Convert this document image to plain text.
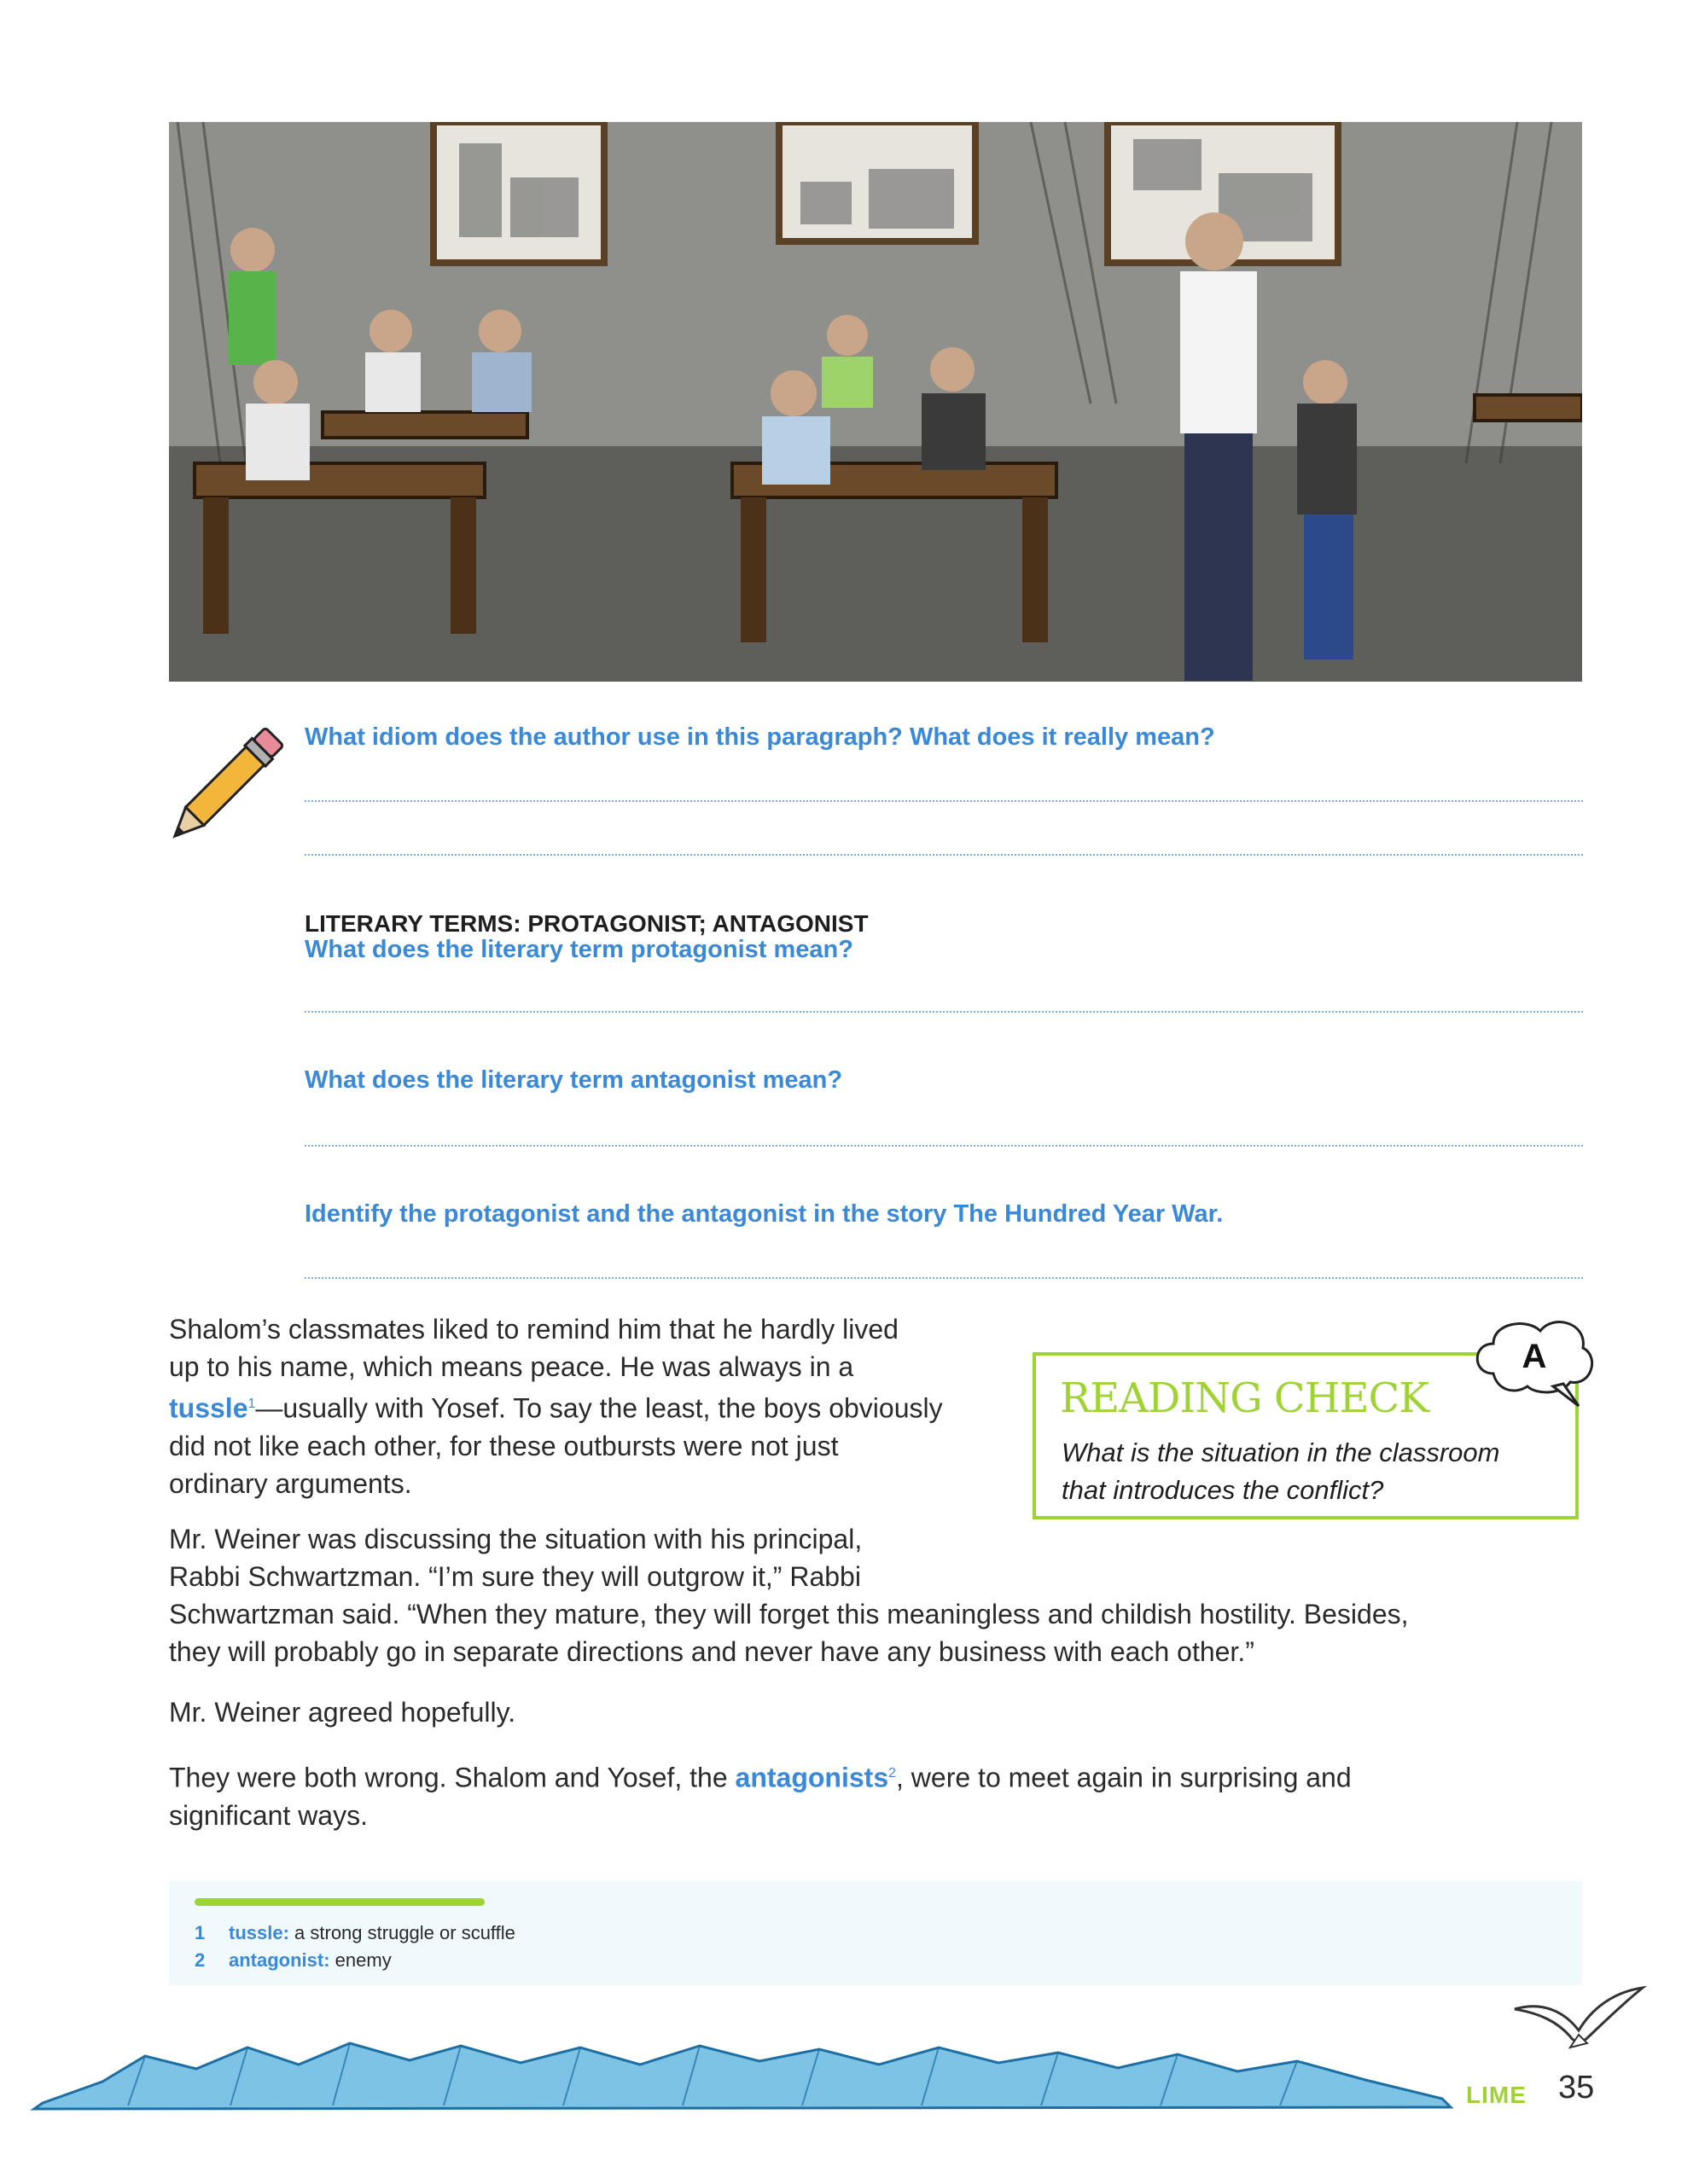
What idiom does the author use in this paragraph? What does it really mean?
LITERARY TERMS: PROTAGONIST; ANTAGONIST
What does the literary term protagonist mean?
What does the literary term antagonist mean?
Identify the protagonist and the antagonist in the story The Hundred Year War.
Shalom’s classmates liked to remind him that he hardly lived
up to his name, which means peace. He was always in a
tussle$^1$—usually with Yosef. To say the least, the boys obviously
did not like each other, for these outbursts were not just
ordinary arguments.
Mr. Weiner was discussing the situation with his principal,
Rabbi Schwartzman. “I’m sure they will outgrow it,” Rabbi
Schwartzman said. “When they mature, they will forget this meaningless and childish hostility. Besides,
they will probably go in separate directions and never have any business with each other.”
Mr. Weiner agreed hopefully.
They were both wrong. Shalom and Yosef, the antagonists$^2$, were to meet again in surprising and
significant ways.
READING CHECK
What is the situation in the classroom that introduces the conflict?
A
1 tussle: a strong struggle or scuffle
2 antagonist: enemy
LIME 35
